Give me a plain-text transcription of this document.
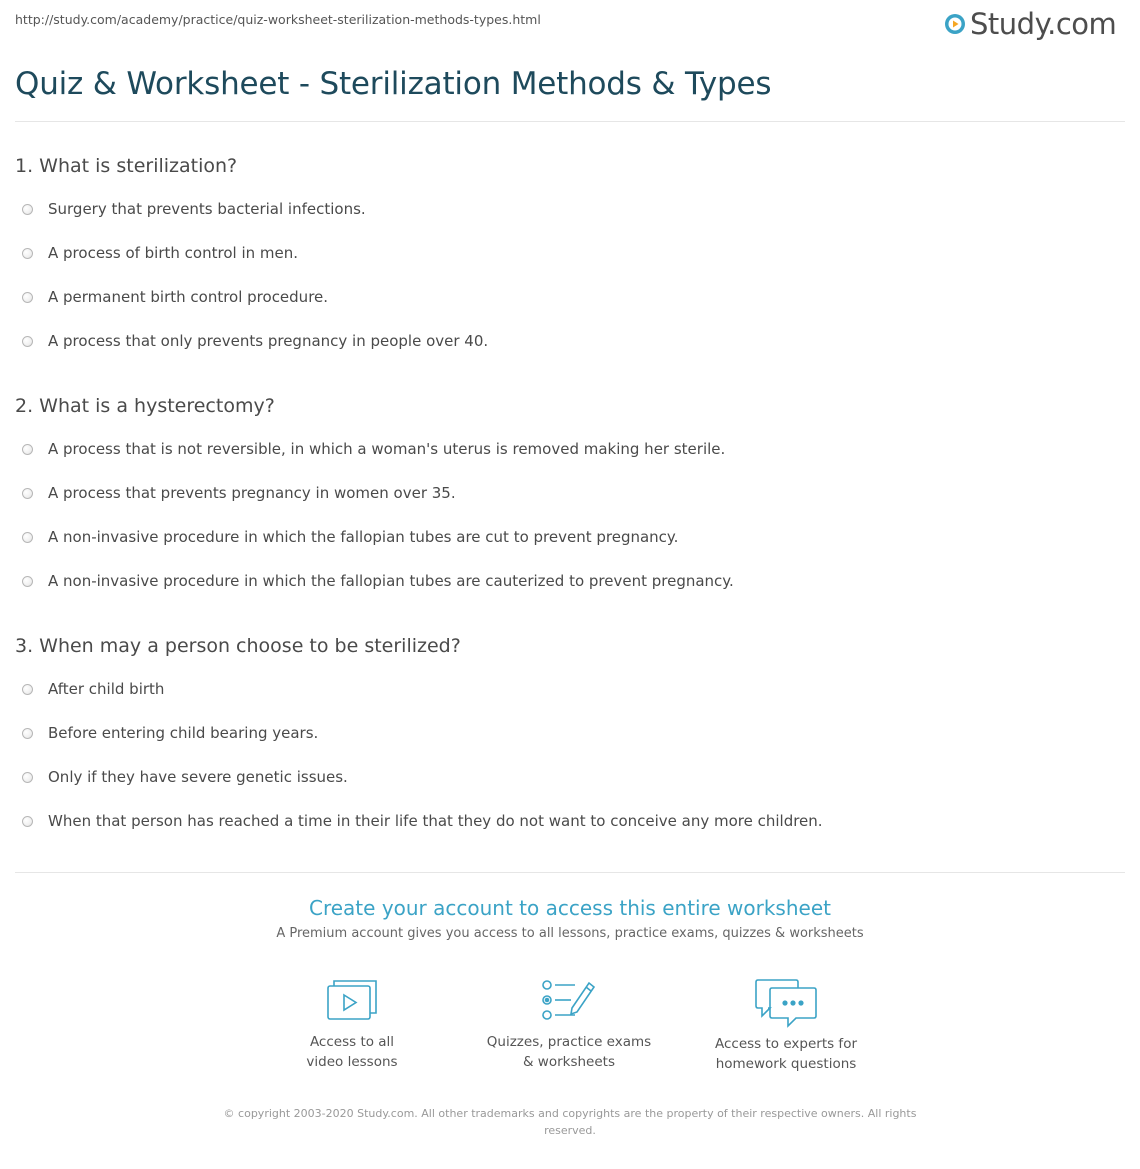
http://study.com/academy/practice/quiz-worksheet-sterilization-methods-types.html	Study.com
Quiz & Worksheet - Sterilization Methods & Types
1. What is sterilization?
Surgery that prevents bacterial infections.
A process of birth control in men.
A permanent birth control procedure.
A process that only prevents pregnancy in people over 40.
2. What is a hysterectomy?
A process that is not reversible, in which a woman's uterus is removed making her sterile.
A process that prevents pregnancy in women over 35.
A non-invasive procedure in which the fallopian tubes are cut to prevent pregnancy.
A non-invasive procedure in which the fallopian tubes are cauterized to prevent pregnancy.
3. When may a person choose to be sterilized?
After child birth
Before entering child bearing years.
Only if they have severe genetic issues.
When that person has reached a time in their life that they do not want to conceive any more children.
Create your account to access this entire worksheet
A Premium account gives you access to all lessons, practice exams, quizzes & worksheets
Access to all
video lessons
Quizzes, practice exams
& worksheets
Access to experts for
homework questions
© copyright 2003-2020 Study.com. All other trademarks and copyrights are the property of their respective owners. All rights
reserved.
